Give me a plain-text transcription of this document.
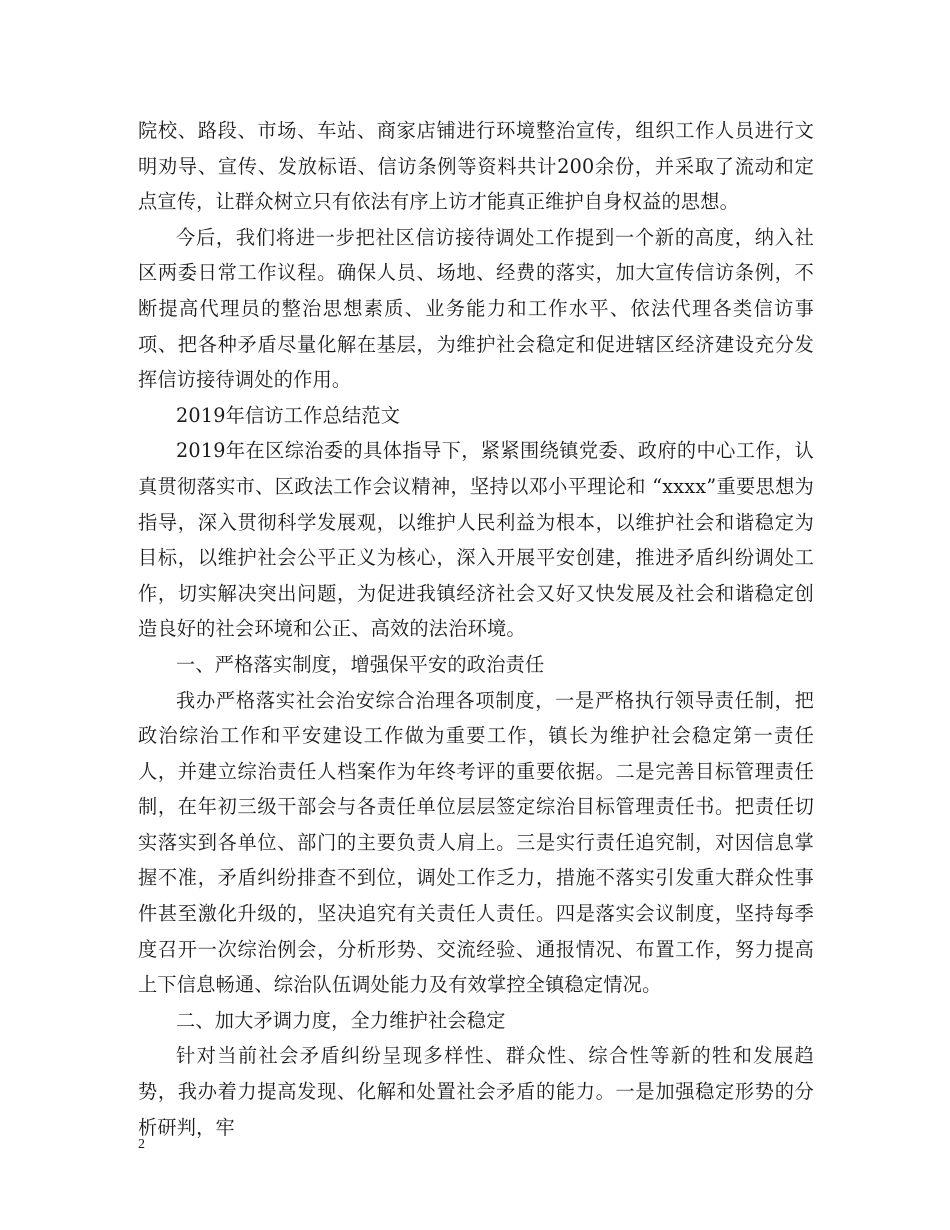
院校、路段、市场、车站、商家店铺进行环境整治宣传，组织工作人员进行文明劝导、宣传、发放标语、信访条例等资料共计200余份，并采取了流动和定点宣传，让群众树立只有依法有序上访才能真正维护自身权益的思想。

今后，我们将进一步把社区信访接待调处工作提到一个新的高度，纳入社区两委日常工作议程。确保人员、场地、经费的落实，加大宣传信访条例，不断提高代理员的整治思想素质、业务能力和工作水平、依法代理各类信访事项、把各种矛盾尽量化解在基层，为维护社会稳定和促进辖区经济建设充分发挥信访接待调处的作用。

2019年信访工作总结范文

2019年在区综治委的具体指导下，紧紧围绕镇党委、政府的中心工作，认真贯彻落实市、区政法工作会议精神，坚持以邓小平理论和 “xxxx”重要思想为指导，深入贯彻科学发展观，以维护人民利益为根本，以维护社会和谐稳定为目标，以维护社会公平正义为核心，深入开展平安创建，推进矛盾纠纷调处工作，切实解决突出问题，为促进我镇经济社会又好又快发展及社会和谐稳定创造良好的社会环境和公正、高效的法治环境。

一、严格落实制度，增强保平安的政治责任

我办严格落实社会治安综合治理各项制度，一是严格执行领导责任制，把政治综治工作和平安建设工作做为重要工作，镇长为维护社会稳定第一责任人，并建立综治责任人档案作为年终考评的重要依据。二是完善目标管理责任制，在年初三级干部会与各责任单位层层签定综治目标管理责任书。把责任切实落实到各单位、部门的主要负责人肩上。三是实行责任追究制，对因信息掌握不准，矛盾纠纷排查不到位，调处工作乏力，措施不落实引发重大群众性事件甚至激化升级的，坚决追究有关责任人责任。四是落实会议制度，坚持每季度召开一次综治例会，分析形势、交流经验、通报情况、布置工作，努力提高上下信息畅通、综治队伍调处能力及有效掌控全镇稳定情况。

二、加大矛调力度，全力维护社会稳定

针对当前社会矛盾纠纷呈现多样性、群众性、综合性等新的牲和发展趋势，我办着力提高发现、化解和处置社会矛盾的能力。一是加强稳定形势的分析研判，牢

2
